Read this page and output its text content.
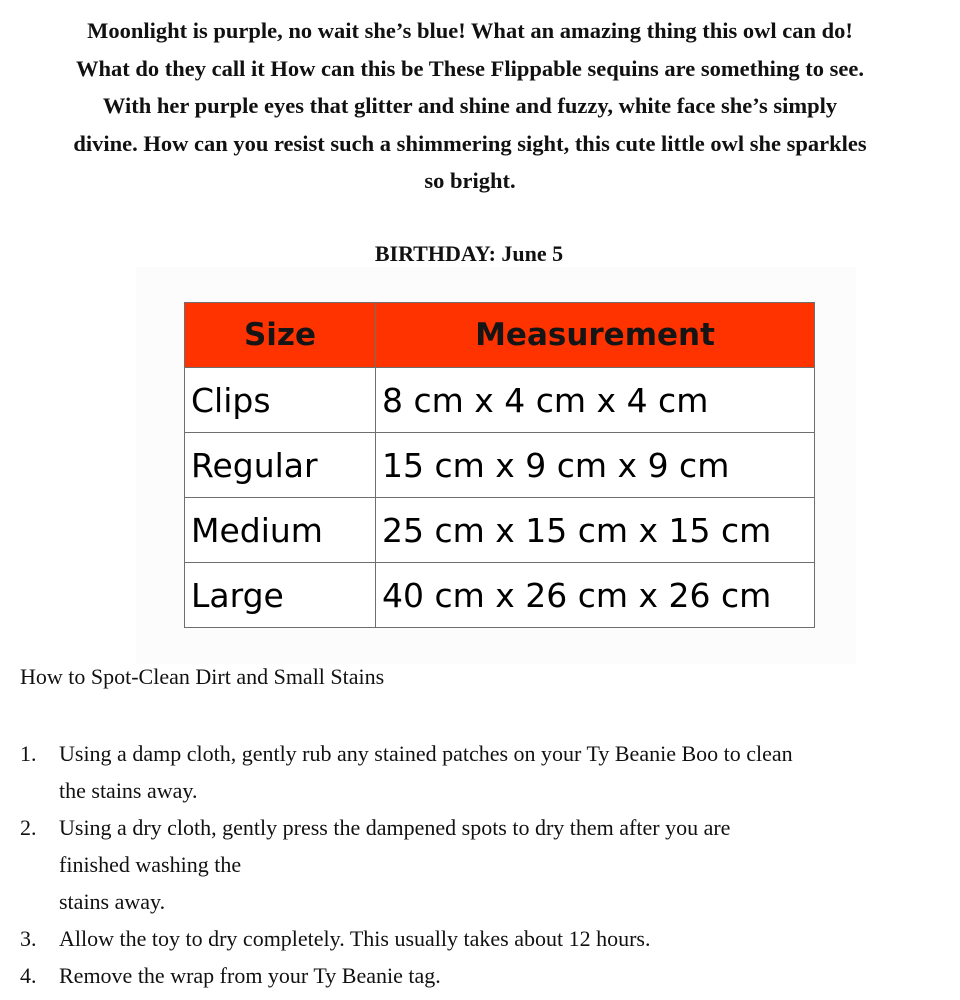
Moonlight is purple, no wait she’s blue! What an amazing thing this owl can do!
What do they call it How can this be These Flippable sequins are something to see.
With her purple eyes that glitter and shine and fuzzy, white face she’s simply
divine. How can you resist such a shimmering sight, this cute little owl she sparkles
so bright.
BIRTHDAY: June 5
Size	Measurement
Clips	8 cm x 4 cm x 4 cm
Regular	15 cm x 9 cm x 9 cm
Medium	25 cm x 15 cm x 15 cm
Large	40 cm x 26 cm x 26 cm
How to Spot-Clean Dirt and Small Stains
1. Using a damp cloth, gently rub any stained patches on your Ty Beanie Boo to clean
the stains away.
2. Using a dry cloth, gently press the dampened spots to dry them after you are
finished washing the
stains away.
3. Allow the toy to dry completely. This usually takes about 12 hours.
4. Remove the wrap from your Ty Beanie tag.
